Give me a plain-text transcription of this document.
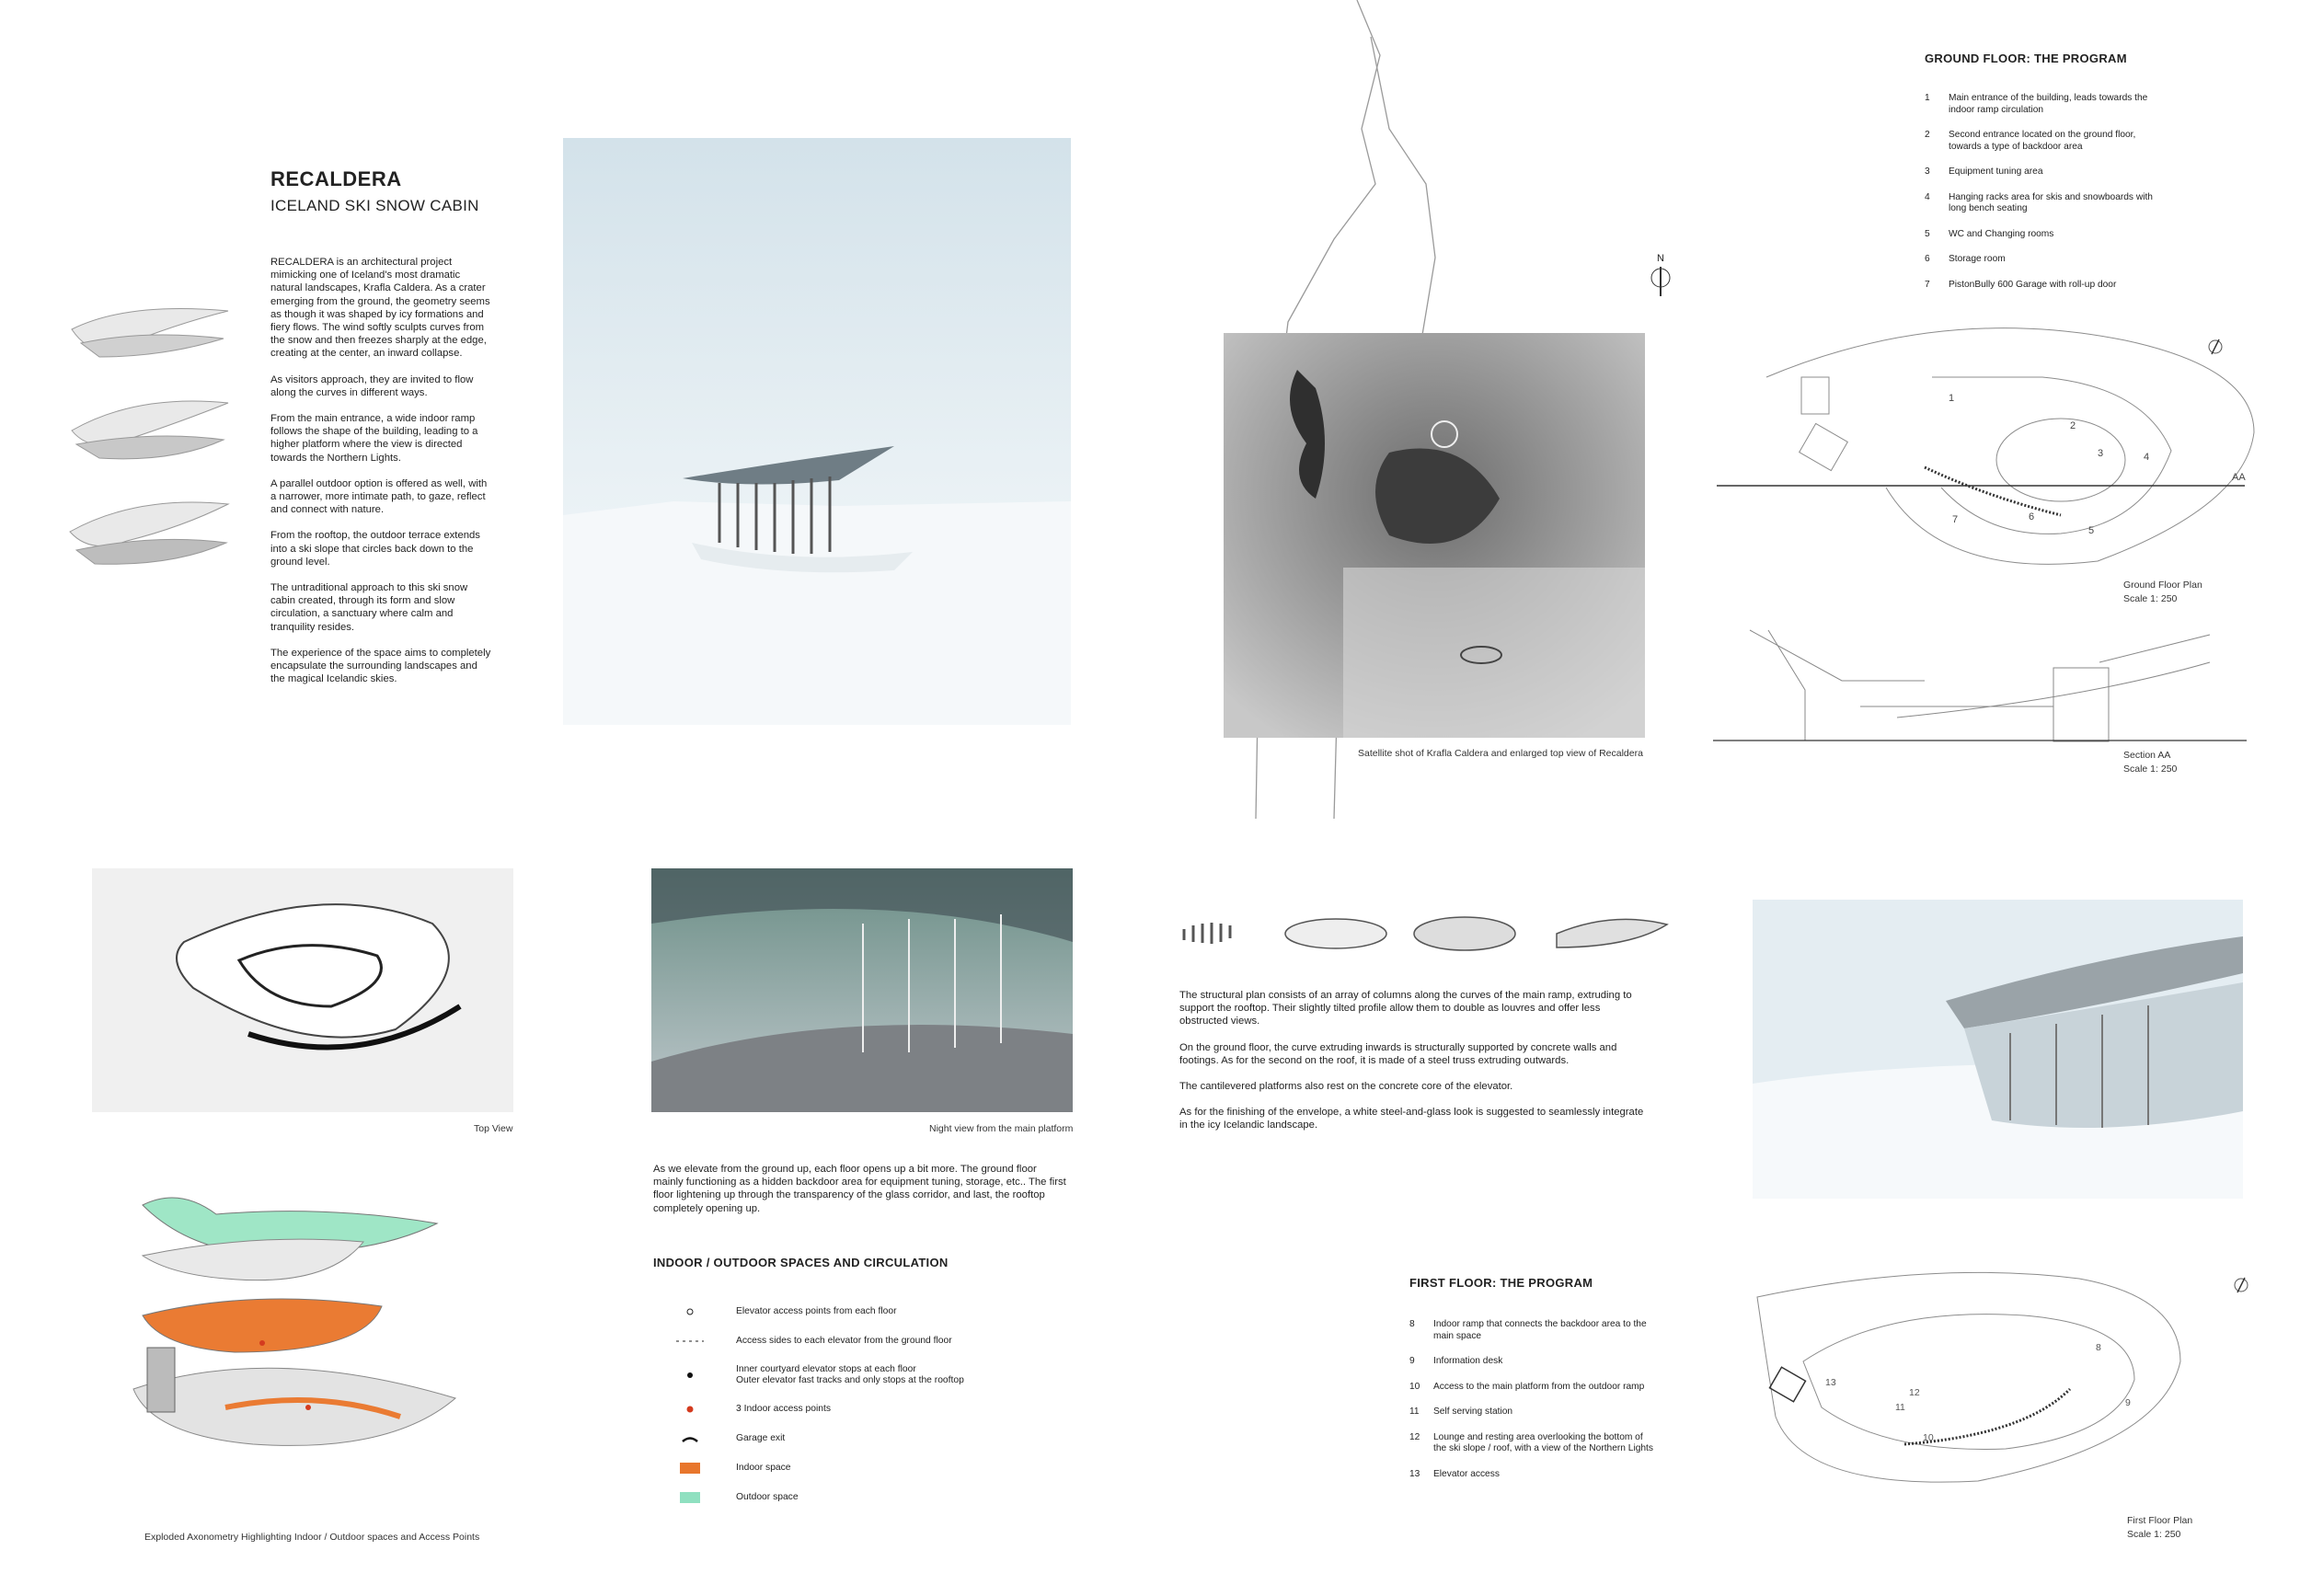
RECALDERA
ICELAND SKI SNOW CABIN

RECALDERA is an architectural project mimicking one of Iceland's most dramatic natural landscapes, Krafla Caldera. As a crater emerging from the ground, the geometry seems as though it was shaped by icy formations and fiery flows. The wind softly sculpts curves from the snow and then freezes sharply at the edge, creating at the center, an inward collapse.

As visitors approach, they are invited to flow along the curves in different ways.

From the main entrance, a wide indoor ramp follows the shape of the building, leading to a higher platform where the view is directed towards the Northern Lights.

A parallel outdoor option is offered as well, with a narrower, more intimate path, to gaze, reflect and connect with nature.

From the rooftop, the outdoor terrace extends into a ski slope that circles back down to the ground level.

The untraditional approach to this ski snow cabin created, through its form and slow circulation, a sanctuary where calm and tranquility resides.

The experience of the space aims to completely encapsulate the surrounding landscapes and the magical Icelandic skies.

N
Satellite shot of Krafla Caldera and enlarged top view of Recaldera
GROUND FLOOR: THE PROGRAM
1	Main entrance of the building, leads towards the indoor ramp circulation
2	Second entrance located on the ground floor, towards a type of backdoor area
3	Equipment tuning area
4	Hanging racks area for skis and snowboards with long bench seating
5	WC and Changing rooms
6	Storage room
7	PistonBully 600 Garage with roll-up door
1
2
3	4
5
6
7
AA
Ground Floor Plan
Scale 1: 250
Section AA
Scale 1: 250
Top View
Exploded Axonometry Highlighting Indoor / Outdoor spaces and Access Points
Night view from the main platform
As we elevate from the ground up, each floor opens up a bit more. The ground floor mainly functioning as a hidden backdoor area for equipment tuning, storage, etc.. The first floor lightening up through the transparency of the glass corridor, and last, the rooftop completely opening up.
INDOOR / OUTDOOR SPACES AND CIRCULATION
Elevator access points from each floor
Access sides to each elevator from the ground floor
Inner courtyard elevator stops at each floor
Outer elevator fast tracks and only stops at the rooftop
3 Indoor access points
Garage exit
Indoor space
Outdoor space

The structural plan consists of an array of columns along the curves of the main ramp, extruding to support the rooftop. Their slightly tilted profile allow them to double as louvres and offer less obstructed views.

On the ground floor, the curve extruding inwards is structurally supported by concrete walls and footings. As for the second on the roof, it is made of a steel truss extruding outwards.

The cantilevered platforms also rest on the concrete core of the elevator.

As for the finishing of the envelope, a white steel-and-glass look is suggested to seamlessly integrate in the icy Icelandic landscape.

FIRST FLOOR: THE PROGRAM
8	Indoor ramp that connects the backdoor area to the main space
9	Information desk
10	Access to the main platform from the outdoor ramp
11	Self serving station
12	Lounge and resting area overlooking the bottom of the ski slope / roof, with a view of the Northern Lights
13	Elevator access
8
9
10
11
12
13
First Floor Plan
Scale 1: 250
